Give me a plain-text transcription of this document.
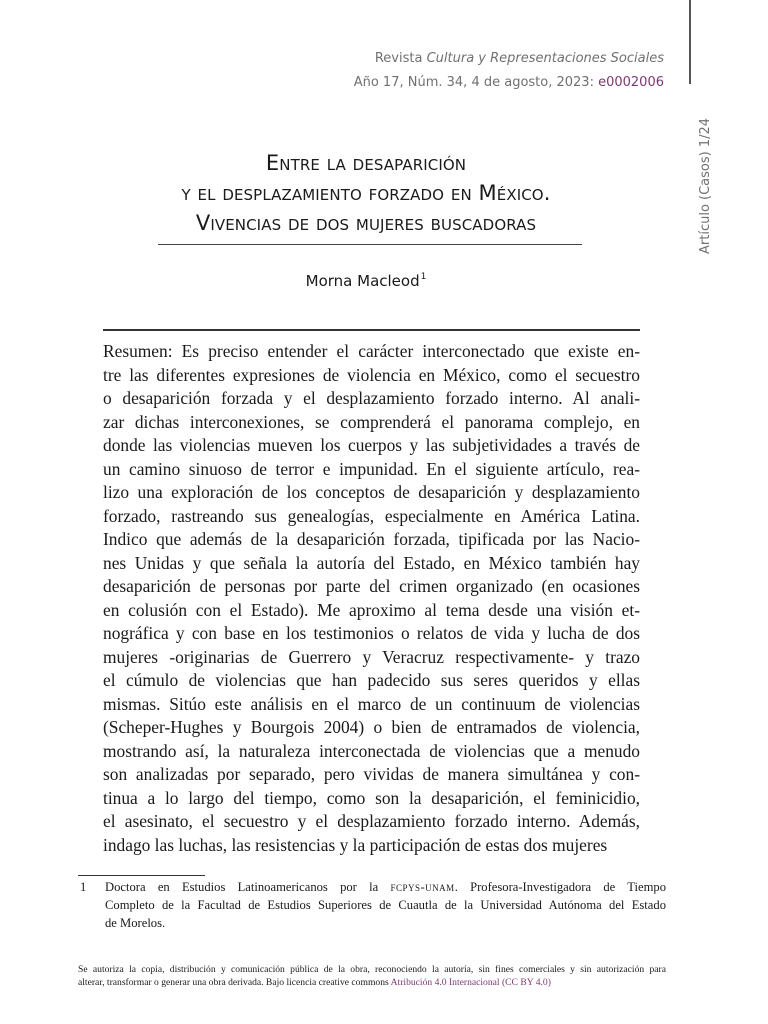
Revista Cultura y Representaciones Sociales
Año 17, Núm. 34, 4 de agosto, 2023: e0002006
Artículo (Casos) 1/24
Entre la desaparición
y el desplazamiento forzado en México.
Vivencias de dos mujeres buscadoras
Morna Macleod$^1$
Resumen: Es preciso entender el carácter interconectado que existe en-
tre las diferentes expresiones de violencia en México, como el secuestro
o desaparición forzada y el desplazamiento forzado interno. Al anali-
zar dichas interconexiones, se comprenderá el panorama complejo, en
donde las violencias mueven los cuerpos y las subjetividades a través de
un camino sinuoso de terror e impunidad. En el siguiente artículo, rea-
lizo una exploración de los conceptos de desaparición y desplazamiento
forzado, rastreando sus genealogías, especialmente en América Latina.
Indico que además de la desaparición forzada, tipificada por las Nacio-
nes Unidas y que señala la autoría del Estado, en México también hay
desaparición de personas por parte del crimen organizado (en ocasiones
en colusión con el Estado). Me aproximo al tema desde una visión et-
nográfica y con base en los testimonios o relatos de vida y lucha de dos
mujeres -originarias de Guerrero y Veracruz respectivamente- y trazo
el cúmulo de violencias que han padecido sus seres queridos y ellas
mismas. Sitúo este análisis en el marco de un continuum de violencias
(Scheper-Hughes y Bourgois 2004) o bien de entramados de violencia,
mostrando así, la naturaleza interconectada de violencias que a menudo
son analizadas por separado, pero vividas de manera simultánea y con-
tinua a lo largo del tiempo, como son la desaparición, el feminicidio,
el asesinato, el secuestro y el desplazamiento forzado interno. Además,
indago las luchas, las resistencias y la participación de estas dos mujeres
1 Doctora en Estudios Latinoamericanos por la fcpys-unam. Profesora-Investigadora de Tiempo
Completo de la Facultad de Estudios Superiores de Cuautla de la Universidad Autónoma del Estado
de Morelos.
Se autoriza la copia, distribución y comunicación pública de la obra, reconociendo la autoría, sin fines comerciales y sin autorización para
alterar, transformar o generar una obra derivada. Bajo licencia creative commons Atribución 4.0 Internacional (CC BY 4.0)
